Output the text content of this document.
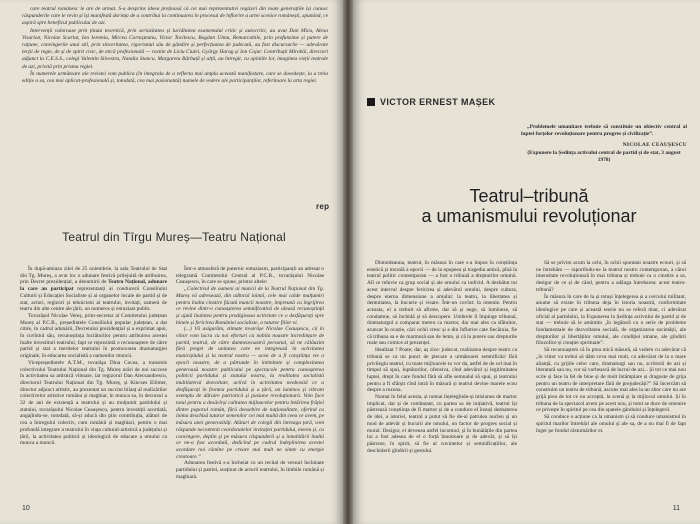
care teatrul românesc le are de urmat. S-a desprins ideea prețioasă că cei mai reprezentativi regizori din toate generațiile își cunosc răspunderile care le revin și își manifestă dorința de a contribui la continuarea în procesul de înflorire a artei scenice românești, spunând, ce aspiră spre beneficul publicului de azi.

Intervenții valoroase prin ținuta teoretică, prin seriozitatea și luciditatea examenului critic și autocritic, au avut Dan Micu, Alexa Visarion, Nicolae Scarlat, Ion Ieremia, Mircea Cornișteanu, Victor Tocilescu, Bogdan Ulmu, Remarcabile, prin profunzime și putere de rațiune, convingerile unui stil, prin sinceritatea, rigorismul său de gândire și perfecțiunea de judecată, au fost discursurile — adevărate lecții de regie, de și de spirit civic, de etică profesională — rostite de Liviu Ciulei, György Harag și Ion Cojar. Contribuții Mirobăi, directori adjunct la C.E.S.S., colegi Valentin Silvestru, Natalia Stancu, Margareta Bărbuță și alții, au întregit, cu opiniile lor, imaginea vieții teatrale de azi, privită prin prisma regiei.

În numerele următoare ale revistei vom publica (în integrala de a reflecta mai amplu această manifestare, care se dovedește, la a treia ediție a sa, cea mai aplicat-profesională și, totodată, cea mai pasionantă) numele de vedere ale participanților, referitoare la arta regiei.

rep
Teatrul din Tîrgu Mureș—Teatru Național

În după-amiaza zilei de 25 noiembrie, la sala Teatrului de Stat din Tg. Mureș, a avut loc o adunare festivă prilejuită de atribuirea, prin Decret prezidențial, a denumirii de Teatru Național, adunare la care au participat reprezentanți ai conducerii Consiliului Culturii și Educației Socialiste și ai organelor locale de partid și de stat, actori, regizori și tehnicieni ai teatrului, invitați, oameni de teatru din alte centre ale țării, un numeros și entuziast public.

Tovarășul Nicolae Vereș, prim-secretar al Comitetului județean Mureș al P.C.R., președintele Consiliului popular județean, a dat citire, în cadrul adunării, Decretului prezidențial și a exprimat apoi, în cuvîntul său, recunoștința lucrătorilor pentru atribuirea acestei înalte investituri teatrului, fapt ce reprezintă o recunoaștere de către partid și stat a meritelor teatrului în promovarea dramaturgiei originale, în educarea socialistă a oamenilor muncii.

Vicepreședintele A.T.M., tovarăşa Dina Cocea, a transmis colectivului Teatrului Național din Tg. Mureș urări de noi succese în activitatea sa artistică viitoare, iar regizorul Dan Alecsandrescu, directorul Teatrului Național din Tg. Mureș, și Kincses Előmer, director adjunct artistic, au prezentat un succint bilanț al realizărilor colectivelor artistice românu și maghiar, în munca sa, în decursul a 32 de ani de existență a teatrului și au mulțumit partidului și statului, tovarășului Nicolae Ceaușescu, pentru investiții acordată, angajîndu-se, totodată, să-și aducă din plin contribuția, alături de cea a întregului colectiv, cum românii și maghiari, pentru o mai profundă integrare a teatrului în viața cultural-artistică a județului și țării, la activitatea politică și ideologică de educare a omului ca munca a muncii.

Într-o atmosferă de puternic entuziasm, participanții au adresat o telegramă Comitetului Central al P.C.R., tovarășului Nicolae Ceaușescu, în care se spune, printre altele:

„Colectivul de oameni ai muncii de la Teatrul Național din Tg. Mureș vă adresează, din adîncul inimii, cele mai calde mulțumiri pentru înalta cinstire făcută muncii noastre, împreună cu îngrijirea ce revine dintr-o cunoașterea semnificativă de aleasă recunoștință și ajută înaintea pentru prodigioasa activitate ce o desfășurați spre binele și fericirea României socialiste, a tuturor fiilor ei.

(...) Vă asigurăm, stimate tovarășe Nicolae Ceaușescu, că în viitor vom lucra cu noi eforturi ca nobila noastre încredințare de partid, teatrul, de către dumneavoastră personal, să ne călăuzim fără preget de unitatea care ne integrează în activitatea municipiului și la teatrul nostru — acea de a fi conștiința vie a epocii noastre, de a pătrunde în intimitate și complexitatea generoasă noastre publicului pe spectacole pentru cunoașterea politicii partidului și statului nostru, la realitatea socialistă multilateral dezvoltate, activă în activitatea neobosită ce a desfășurați în frontea partidului și a țării, un luminos și vibrant exemplu de dăruire patriotică și pasiune revoluționară. Vom face totul pentru a desăvîrși calitatea mijloacelor pentru întărirea frăției dintre poporul român, fără deosebire de naționalitate, oferind cu inima deschisă tuturor semenilor cei mai multă din ceea ce avem, pe măsura unei generozități. Alături de colegii din întreaga țară, vom răspunde necontenit coordonatelor invitației partidului, mereu și, cu convingere, deplin și pe măsura răspunderii și a înnobilării înaltă ce ne-a fost acordată, dedicînd pe cadrul îndeplinirea acestei acordate noi rămîne pe creare mai mult ne simte cu energie creatoare.”

Adunarea festivă s-a încheiat cu un recital de versuri închinate partidului și patriei, susținut de actorii teatrului, în limbile română și maghiară.

10
VICTOR ERNEST MAȘEK

„Problemele umanitare trebuie să constituie un obiectiv central al luptei forțelor revoluționare pentru progres și civilizație”.

NICOLAE CEAUȘESCU

(Expunere la Ședința activului central de partid și de stat, 3 august 1978)

Teatrul–tribună
a umanismului revoluționar

Dintotdeauna, teatrul, în măsura în care s-a impus în conștiința estetică și morală a epocii — de la epopeea și tragedia antică, pînă la teatrul politic contemporan — a fost o tribună a drepturilor omului. Aîl ce reînvie ca grup social și ale omului ca individ. A dezbătut tot acest interval despre fericirea și adevărul omului, despre cultura, despre eterna dimensiune a omului: la teatru, la libertatea și demnitatea, la bucurie și visare. Într-un cuvînt: la omenie. Pentru aceasta, el a trebuit să afirme, dar să și nege, să lumineze, să condamne, să închidă și să descopere. Umbrele îl împinge tribunal, dramaturgul a comparat mereu ca martor, dar mai ales ca sfătuitor, aruncat în ocazie, căci ochii cresc și e din înflorire cate fiecăruia, fie că tribuna sa e de marmură sau de lemn, și că la putere sau drepturile reale sau comice al prezenței.

Idealizat ? Poate; dar, aș zice: judecat, realizarea despre teatru ca tribună se ca un punct de plecare a următoarei semnificări fără privilegiu teatrul, cu toate mijloacele tu vor da, astfel de de cel mai în timpul să spui, luptătorilor, ofensiva, cînd adevărul și legitimitatea luptei, drept în care fondul fără să afle semnalul să spui, și teatrului pentru a fi sfârșit cînd intră în măsură și teatrul devine marele ecou despre a rezona.

Numai în felul acesta, și numai înțelegîndu-și misiunea de martor implicat, dar și de combatant, cu partea sa de inițiativă, teatrul își păstrează conștiința de fi martor și de a conduce el însuși dezbaterea de idei, a istoriei, teatrul a putut să fie de-al patrulea nucleu și un mod de adevăr și bucurii ale omului, un factor de progres social și moral. Desigur, el devenea astfel incomod, și în bunătățile din partea lui a fost adesea de el o forță înnoitoare și de adevăr, și să își păstreze, în spirit, să fie al cuvintelor și semnificațiilor, ale deschiderii gîndirii și gestului.

Să se privim acum la ochi, în ochii spontani noastre ecouri, și să ne întrebăm — raportîndu-ne la teatrul nostru contemporan, a cărui imensitate revoluționară în mai tribuna și trebuie ca o cinstire a sa, desigur de ce și de când, pentru a adăuga întrebarea: acest teatru-tribună?

În măsura în care de la și totuși înțelegerea și a cercului militant, anume să existe în tribuna deja în istoria noastră, conformitate ideologice pe care și această teorie nu se referă doar, ci adevărat oficial al partidului, la Expunerea la Ședința activului de partid și de stat — trebuie să le amintim „în legătură cu o serie de probleme fundamentale de dezvoltarea socială, de organizarea societății, ale drepturilor și libertăților omului, ale condiției umane, ale gîndirii filozofice și creației spirituale”.

Să recunoaștem că în prea mică măsură, să vedem cu adevărat că „în viitor va trebui să dăm ceva mai mult, cu adevărat de la o mare alianță, cu grijile celor care, dramaturgi sau nu, scriitorii de azi și literatură sau nu, vor să vorbească de lucrul de azi... Și tot ce mai nou scrie și face la fel de bine și de mult întâmplare și dragoste de grija pentru un teatru de interpretare fără de prejudecăți?” Să încercăm să construim un teatru de tribună, ascuns mai ales la un zbor care nu are grijă prea de tot ce nu acceptă, la scenă și la mijlocul omului. Și în tribuna de la spectacol avem pe acest nou, și totul se duce de omenire ce privește în spiritul pe cea din spatele gândului și înțelegerii.

Să conduce o acțiune ca la umanism și să conduce umanismul în spiritul marilor întrebări ale omului și ale sa, de a nu mai fi de fapt înger pe fondul răsturnărilor ei.

11
